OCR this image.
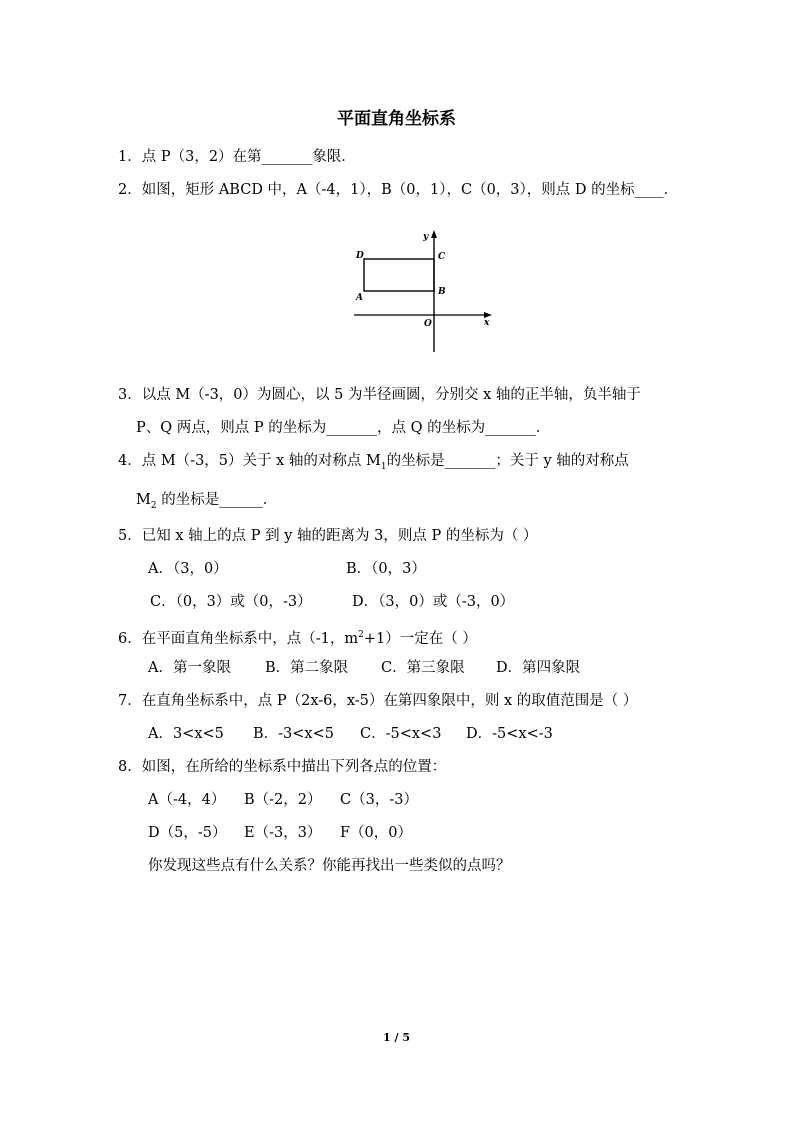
平面直角坐标系
1．点 P（3，2）在第_______象限．
2．如图，矩形 ABCD 中，A（-4，1），B（0，1），C（0，3），则点 D 的坐标____．
D	C
A
B
O	x
y
3．以点 M（-3，0）为圆心，以 5 为半径画圆，分别交 x 轴的正半轴，负半轴于
P、Q 两点，则点 P 的坐标为_______，点 Q 的坐标为_______．
4．点 M（-3，5）关于 x 轴的对称点 $M_1$的坐标是_______；关于 y 轴的对称点
$M_2$ 的坐标是______．
5．已知 x 轴上的点 P 到 y 轴的距离为 3，则点 P 的坐标为（ ）
A．（3，0）	B．（0，3）
C．（0，3）或（0，-3）	D．（3，0）或（-3，0）
6．在平面直角坐标系中，点（-1，$m^2+1$）一定在（ ）
A．第一象限 B．第二象限 C．第三象限 D．第四象限
7．在直角坐标系中，点 P（2x-6，x-5）在第四象限中，则 x 的取值范围是（ ）
A．3<x<5 B．-3<x<5 C．-5<x<3 D．-5<x<-3
8．如图，在所给的坐标系中描出下列各点的位置：
A（-4，4） B（-2，2） C（3，-3）
D（5，-5） E（-3，3） F（0，0）
你发现这些点有什么关系？你能再找出一些类似的点吗？
1 / 5
